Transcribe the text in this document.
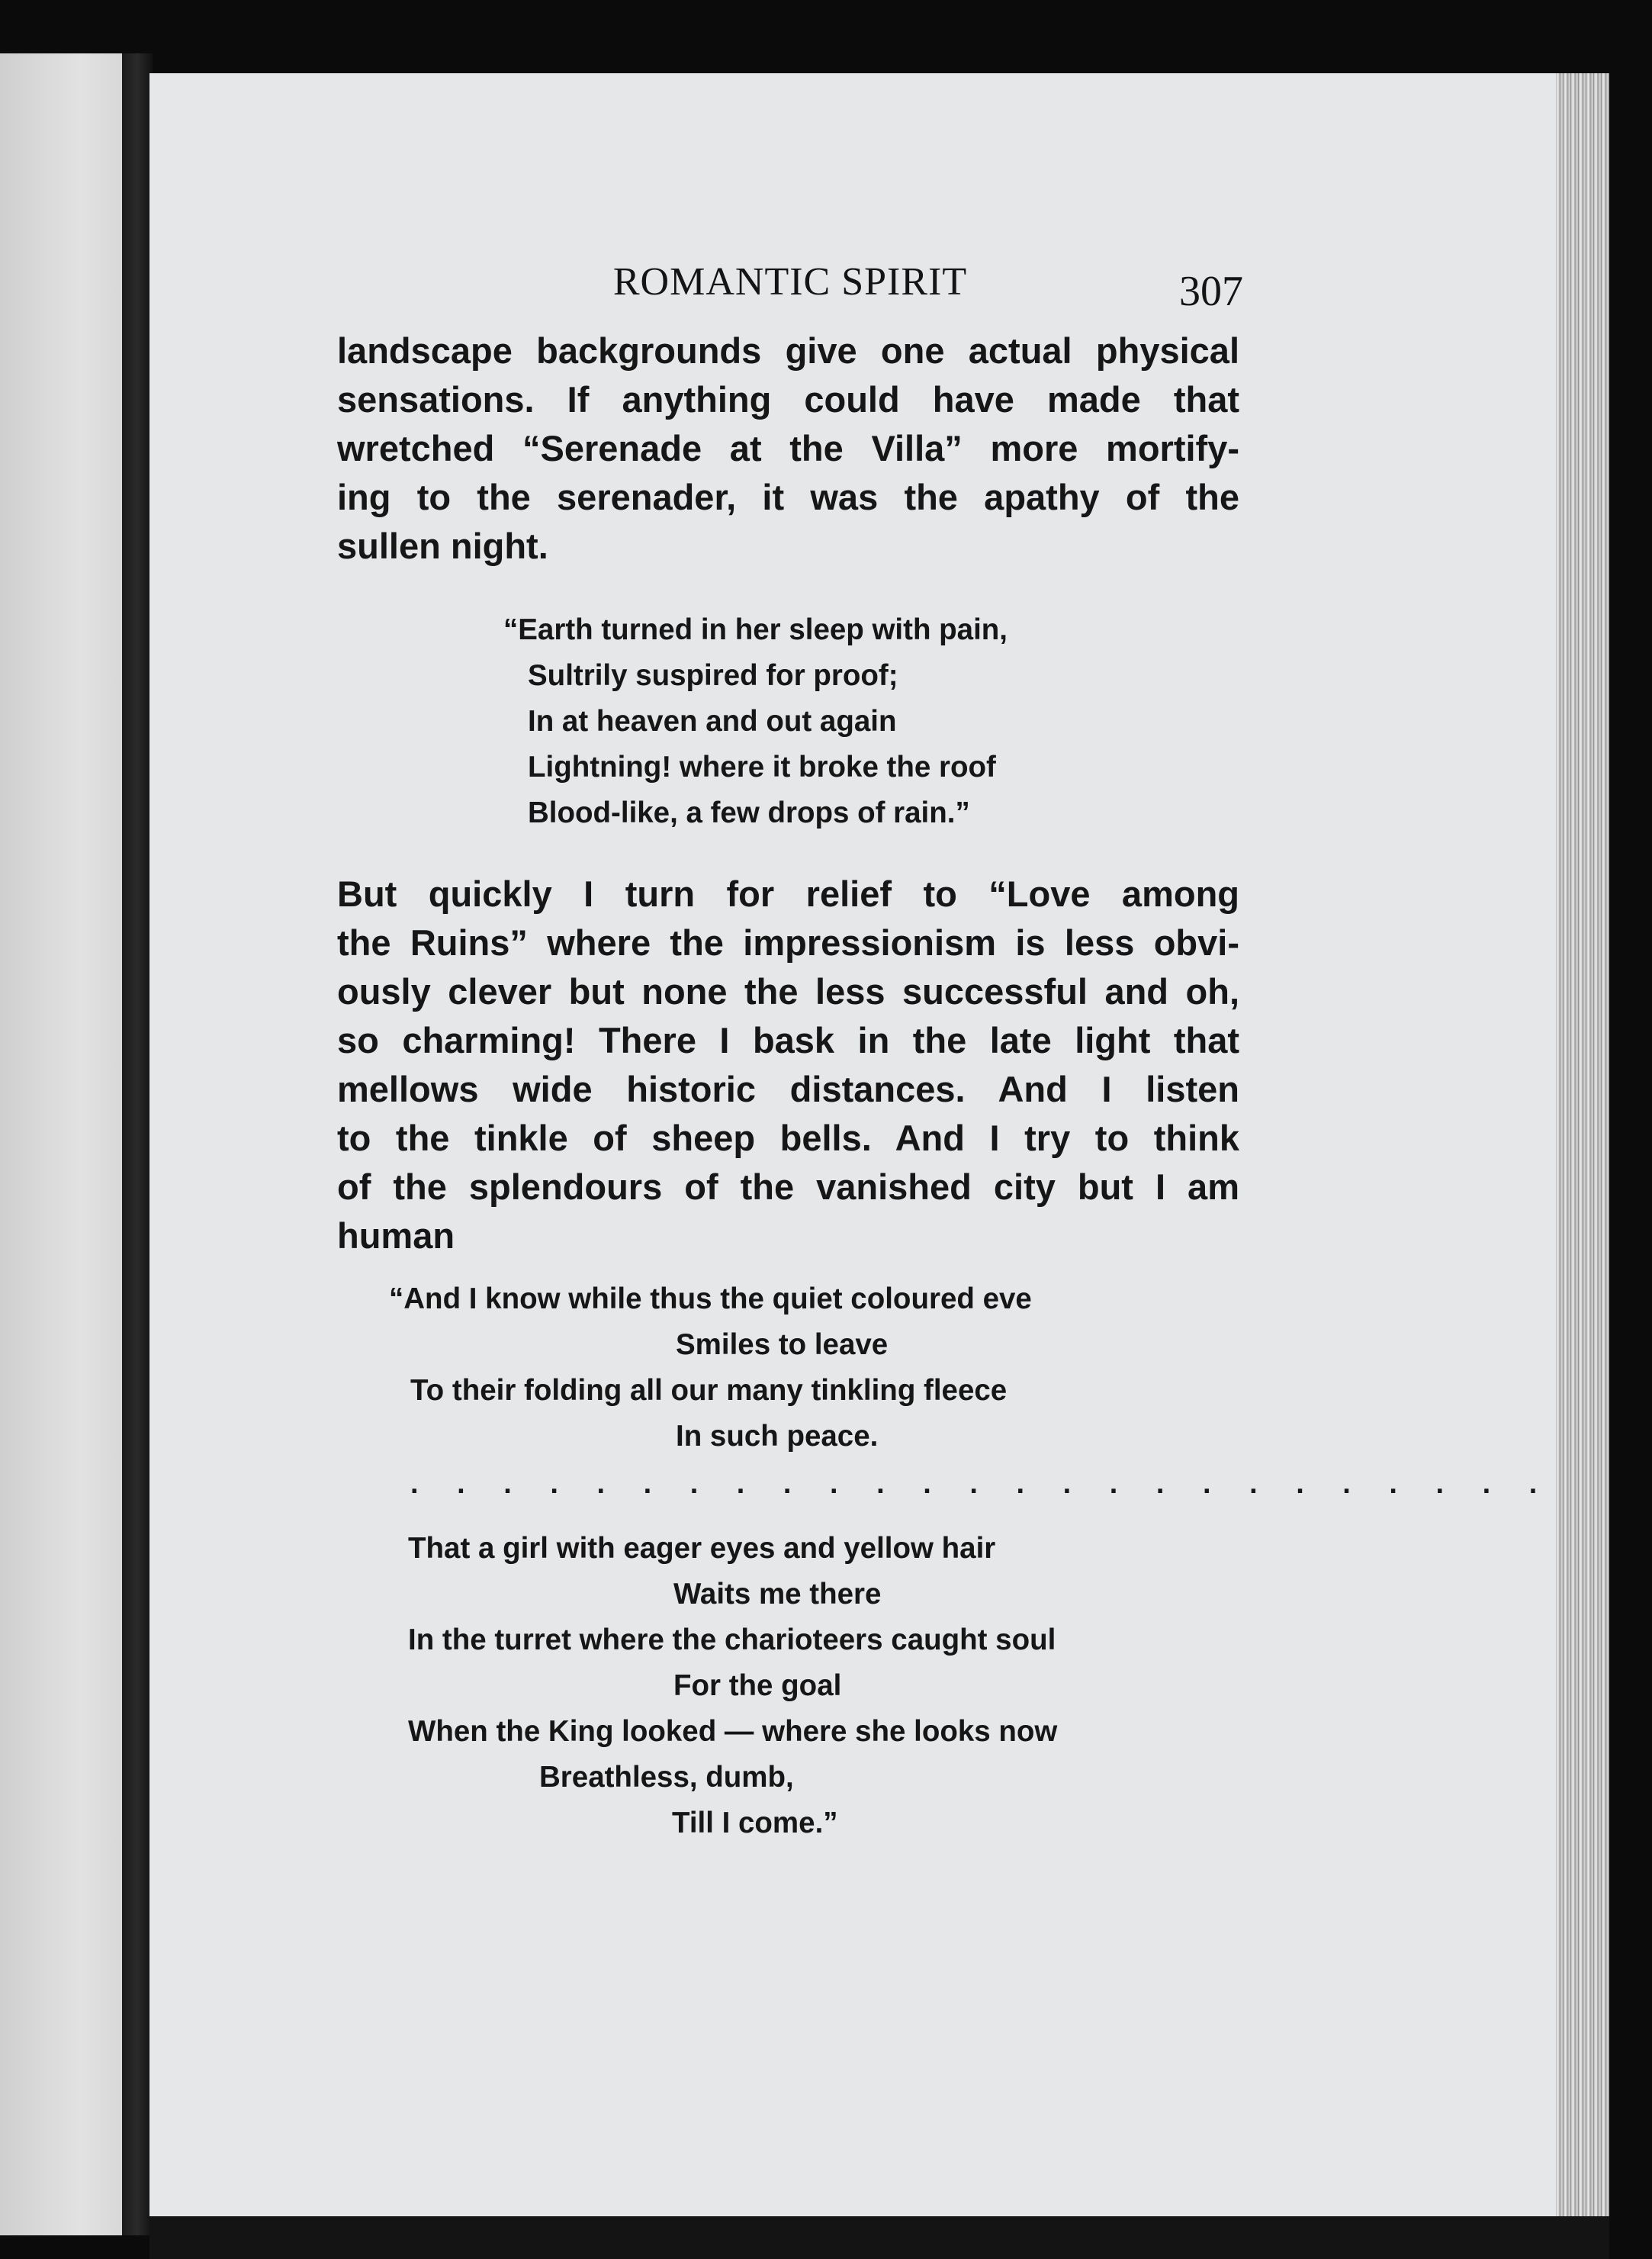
ROMANTIC SPIRIT	307
landscape backgrounds give one actual physical
sensations. If anything could have made that
wretched “Serenade at the Villa” more mortify-
ing to the serenader, it was the apathy of the
sullen night.
“Earth turned in her sleep with pain,
Sultrily suspired for proof;
In at heaven and out again
Lightning! where it broke the roof
Blood-like, a few drops of rain.”
But quickly I turn for relief to “Love among
the Ruins” where the impressionism is less obvi-
ously clever but none the less successful and oh,
so charming! There I bask in the late light that
mellows wide historic distances. And I listen
to the tinkle of sheep bells. And I try to think
of the splendours of the vanished city but I am
human
“And I know while thus the quiet coloured eve
Smiles to leave
To their folding all our many tinkling fleece
In such peace.
. . . . . . . . . . . . . . . . . . . . . . . . .
That a girl with eager eyes and yellow hair
Waits me there
In the turret where the charioteers caught soul
For the goal
When the King looked — where she looks now
Breathless, dumb,
Till I come.”
